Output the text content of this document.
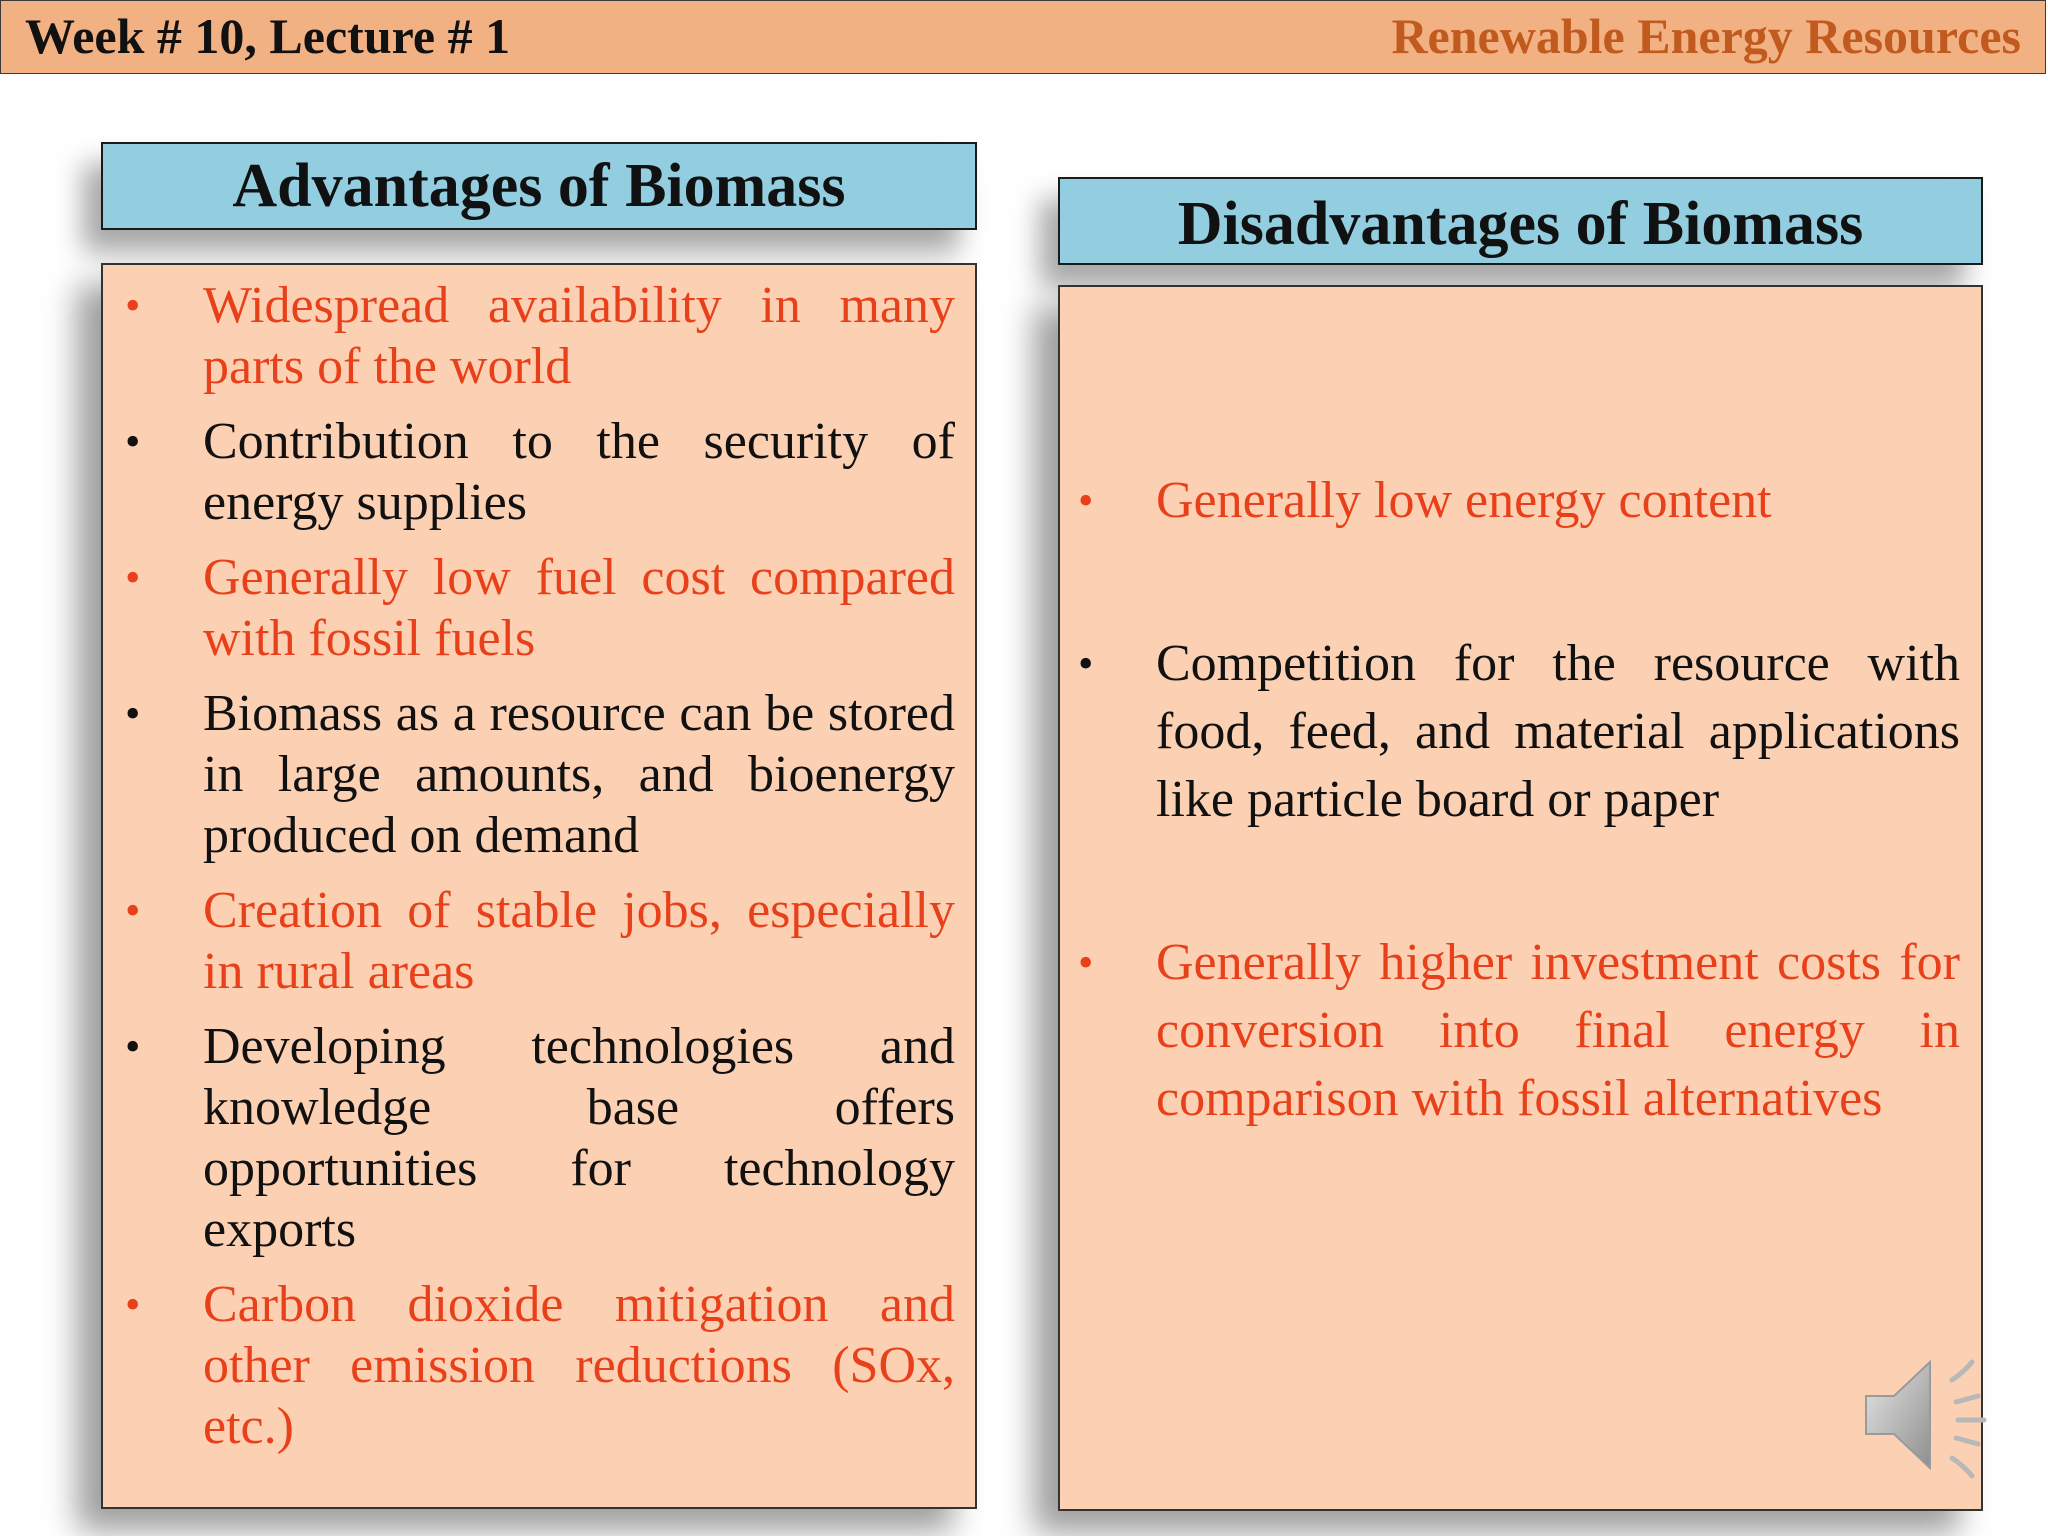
Week # 10, Lecture # 1	Renewable Energy Resources
Advantages of Biomass
Disadvantages of Biomass
• Widespread availability in many parts of the world
• Contribution to the security of energy supplies
• Generally low fuel cost compared with fossil fuels
• Biomass as a resource can be stored in large amounts, and bioenergy produced on demand
• Creation of stable jobs, especially in rural areas
• Developing technologies and knowledge base offers opportunities for technology exports
• Carbon dioxide mitigation and other emission reductions (SOx, etc.)
• Generally low energy content
• Competition for the resource with food, feed, and material applications like particle board or paper
• Generally higher investment costs for conversion into final energy in comparison with fossil alternatives
